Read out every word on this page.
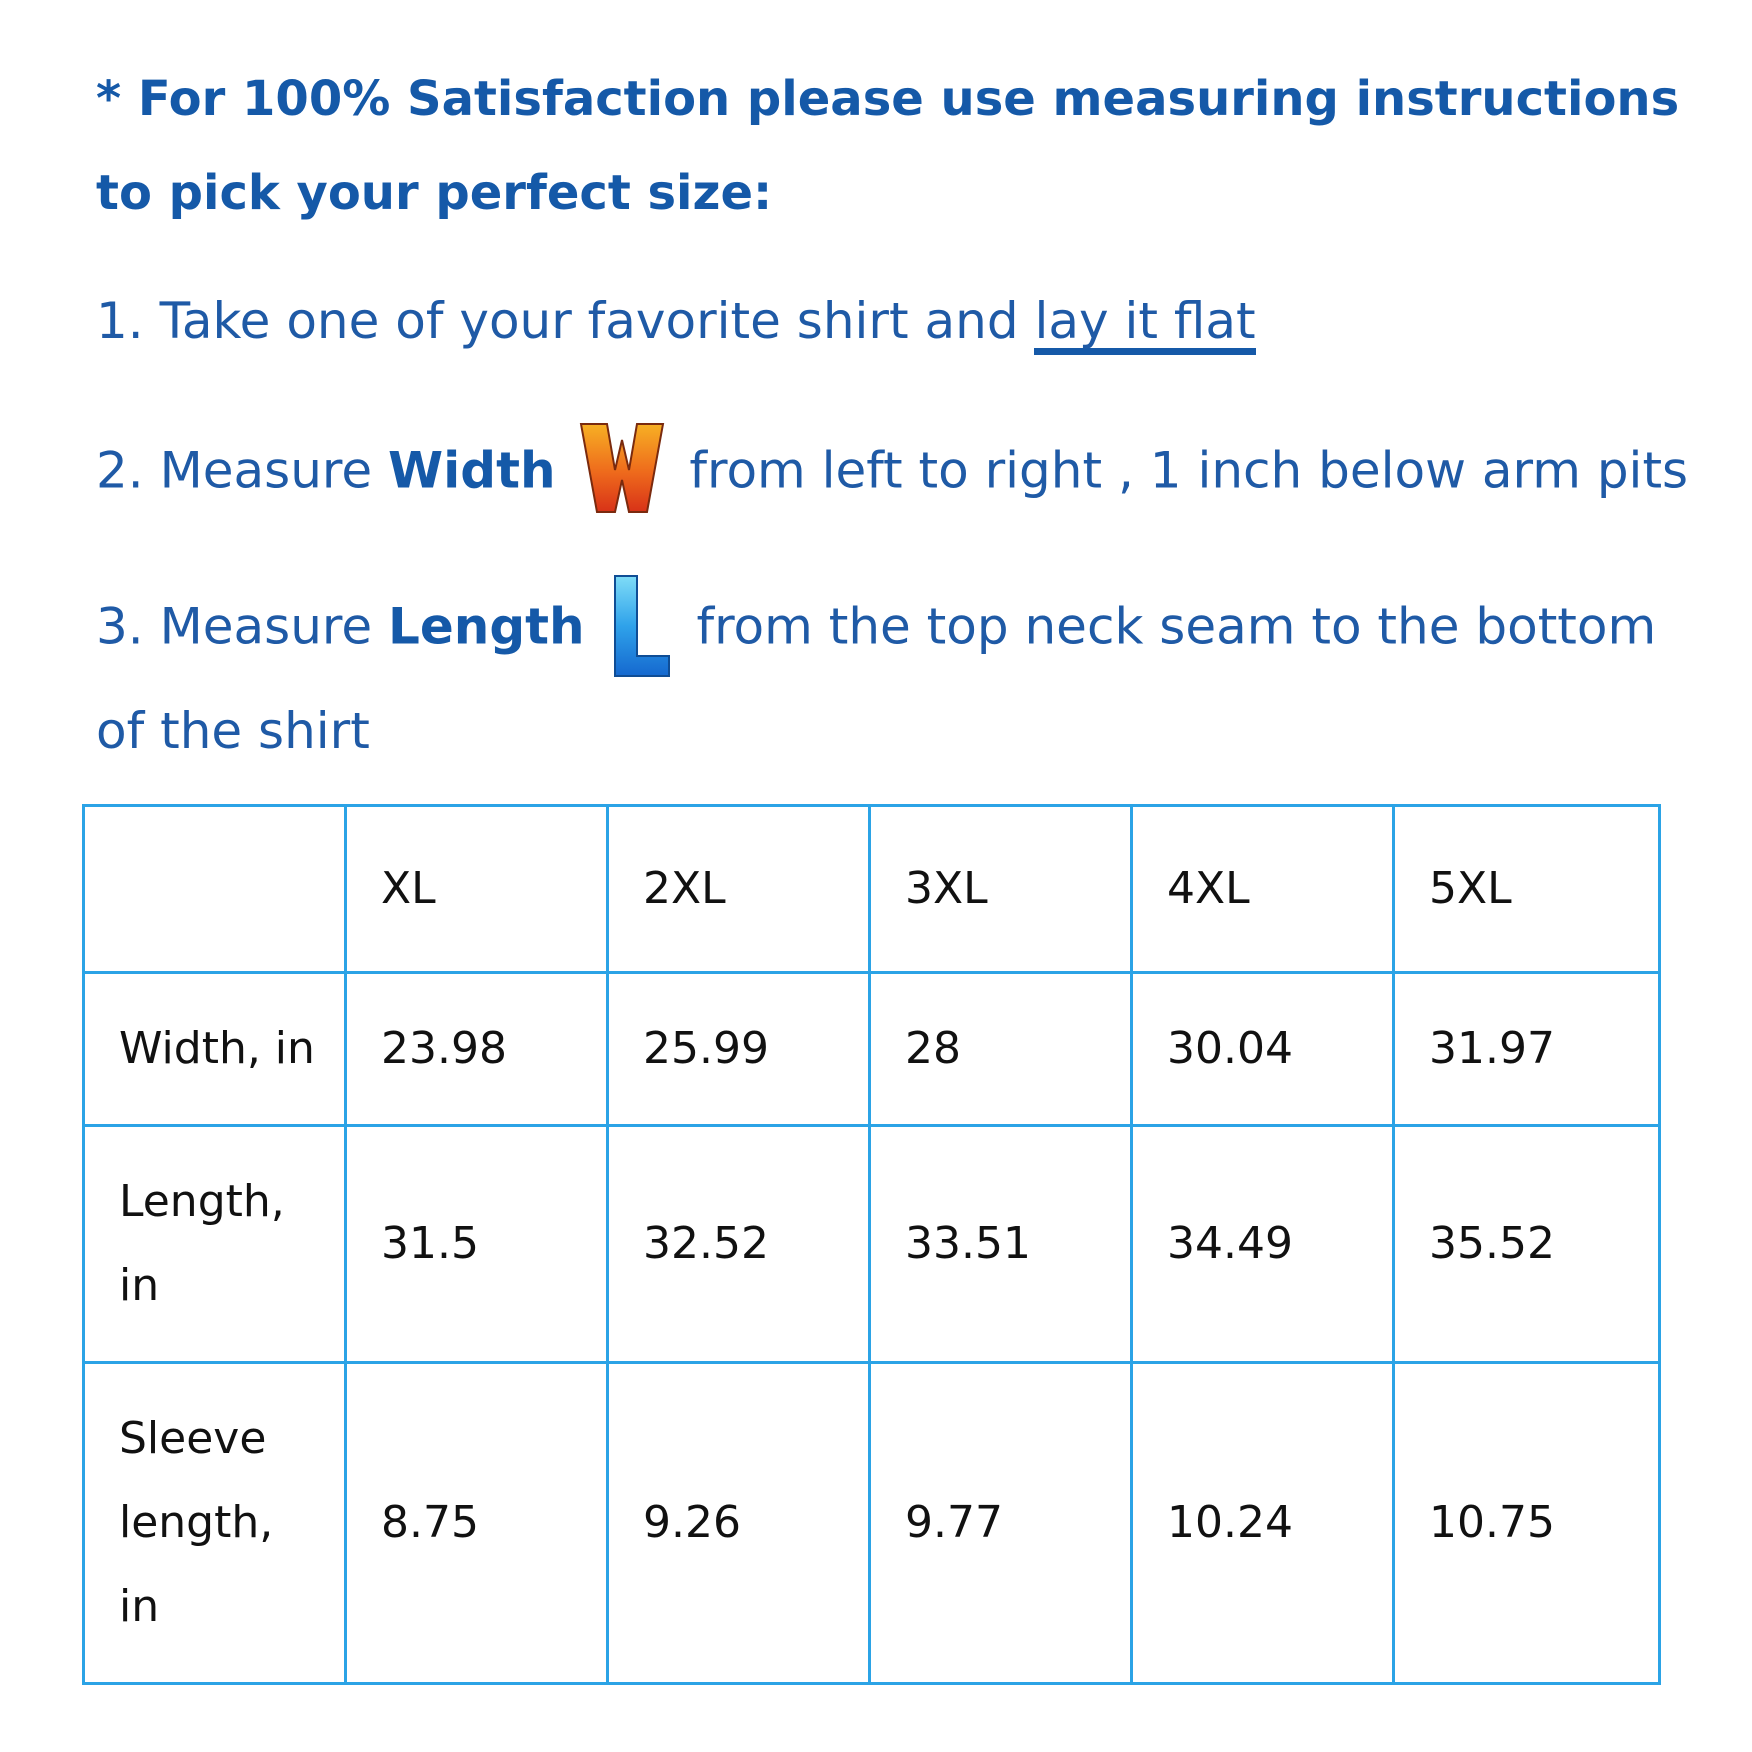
* For 100% Satisfaction please use measuring instructions
to pick your perfect size:
1. Take one of your favorite shirt and lay it flat
2. Measure Width	from left to right , 1 inch below arm pits
3. Measure Length	L from the top neck seam to the bottom of the shirt
	XL	2XL	3XL	4XL	5XL
Width, in	23.98	25.99	28	30.04	31.97
Length,
in	31.5	32.52	33.51	34.49	35.52
Sleeve
length,
in	8.75	9.26	9.77	10.24	10.75
